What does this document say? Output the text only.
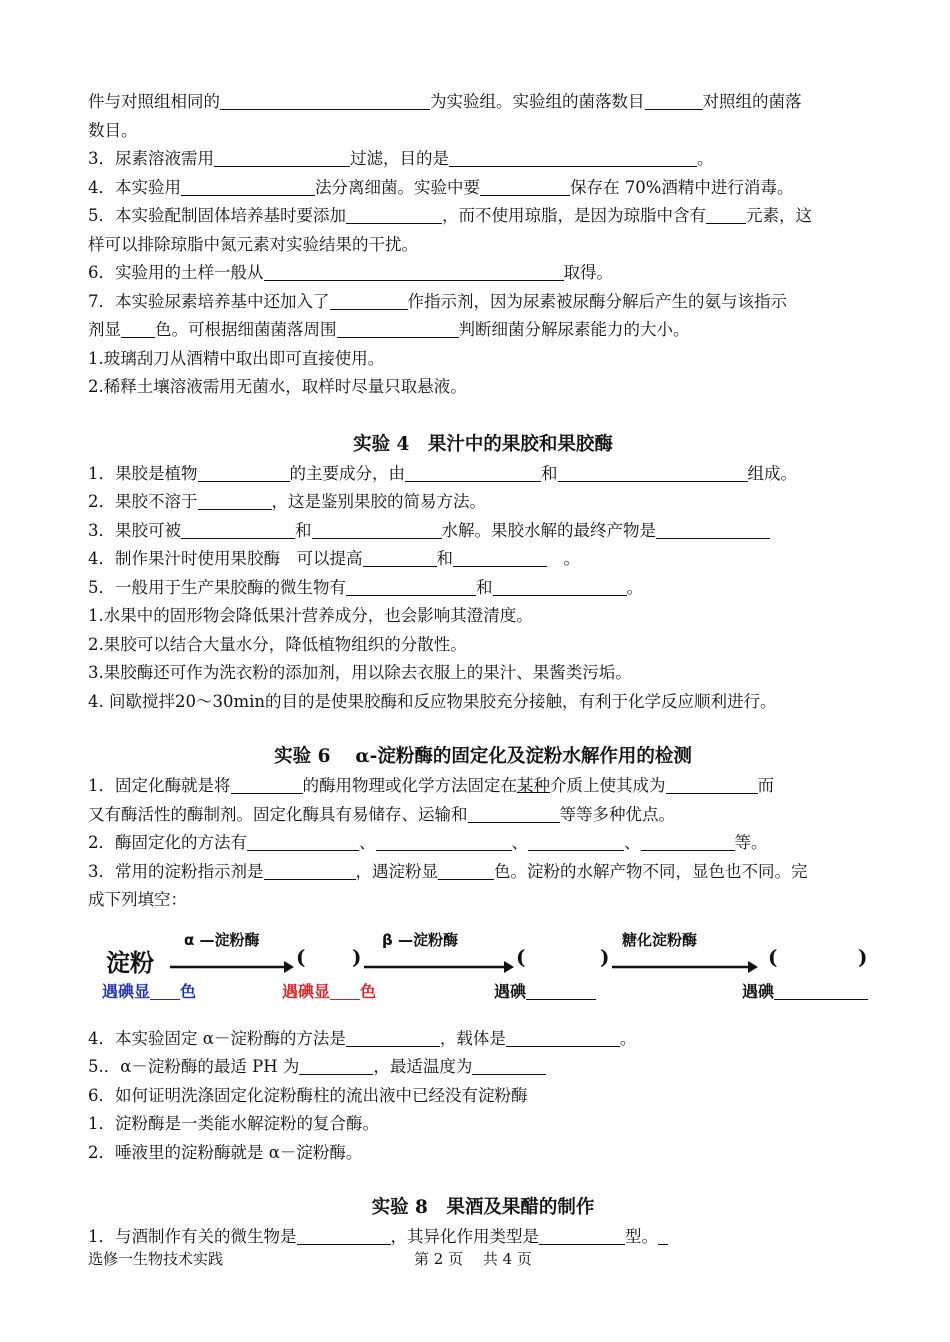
件与对照组相同的	为实验组。实验组的菌落数目	对照组的菌落
数目。
3．尿素溶液需用	过滤，目的是	。
4．本实验用	法分离细菌。实验中要	保存在 70%酒精中进行消毒。
5．本实验配制固体培养基时要添加	，而不使用琼脂，是因为琼脂中含有 元素，这
样可以排除琼脂中氮元素对实验结果的干扰。
6．实验用的土样一般从	取得。
7．本实验尿素培养基中还加入了	作指示剂，因为尿素被尿酶分解后产生的氨与该指示
剂显 色。可根据细菌菌落周围	判断细菌分解尿素能力的大小。
1.玻璃刮刀从酒精中取出即可直接使用。
2.稀释土壤溶液需用无菌水，取样时尽量只取悬液。
实验 4　果汁中的果胶和果胶酶
1．果胶是植物	的主要成分，由	和	组成。
2．果胶不溶于	，这是鉴别果胶的简易方法。
3．果胶可被	和	水解。果胶水解的最终产物是
4．制作果汁时使用果胶酶　可以提高	和	　。
5．一般用于生产果胶酶的微生物有	和	。
1.水果中的固形物会降低果汁营养成分，也会影响其澄清度。
2.果胶可以结合大量水分，降低植物组织的分散性。
3.果胶酶还可作为洗衣粉的添加剂，用以除去衣服上的果汁、果酱类污垢。
4. 间歇搅拌20～30min的目的是使果胶酶和反应物果胶充分接触，有利于化学反应顺利进行。
实验 6　 α-淀粉酶的固定化及淀粉水解作用的检测
1．固定化酶就是将	的酶用物理或化学方法固定在某种介质上使其成为	而
又有酶活性的酶制剂。固定化酶具有易储存、运输和	等等多种优点。
2．酶固定化的方法有	、	、	、	等。
3．常用的淀粉指示剂是	，遇淀粉显	色。淀粉的水解产物不同，显色也不同。完
成下列填空：
淀粉
α —淀粉酶	β —淀粉酶	糖化淀粉酶
( )	(	)	(	)
遇碘显 色	遇碘显 色	遇碘	遇碘
4．本实验固定 α－淀粉酶的方法是	，载体是	。
5.．α－淀粉酶的最适 PH 为	，最适温度为
6．如何证明洗涤固定化淀粉酶柱的流出液中已经没有淀粉酶
1．淀粉酶是一类能水解淀粉的复合酶。
2．唾液里的淀粉酶就是 α－淀粉酶。
实验 8　果酒及果醋的制作
1．与酒制作有关的微生物是	，其异化作用类型是	型。
选修一生物技术实践	第 2 页　 共 4 页
